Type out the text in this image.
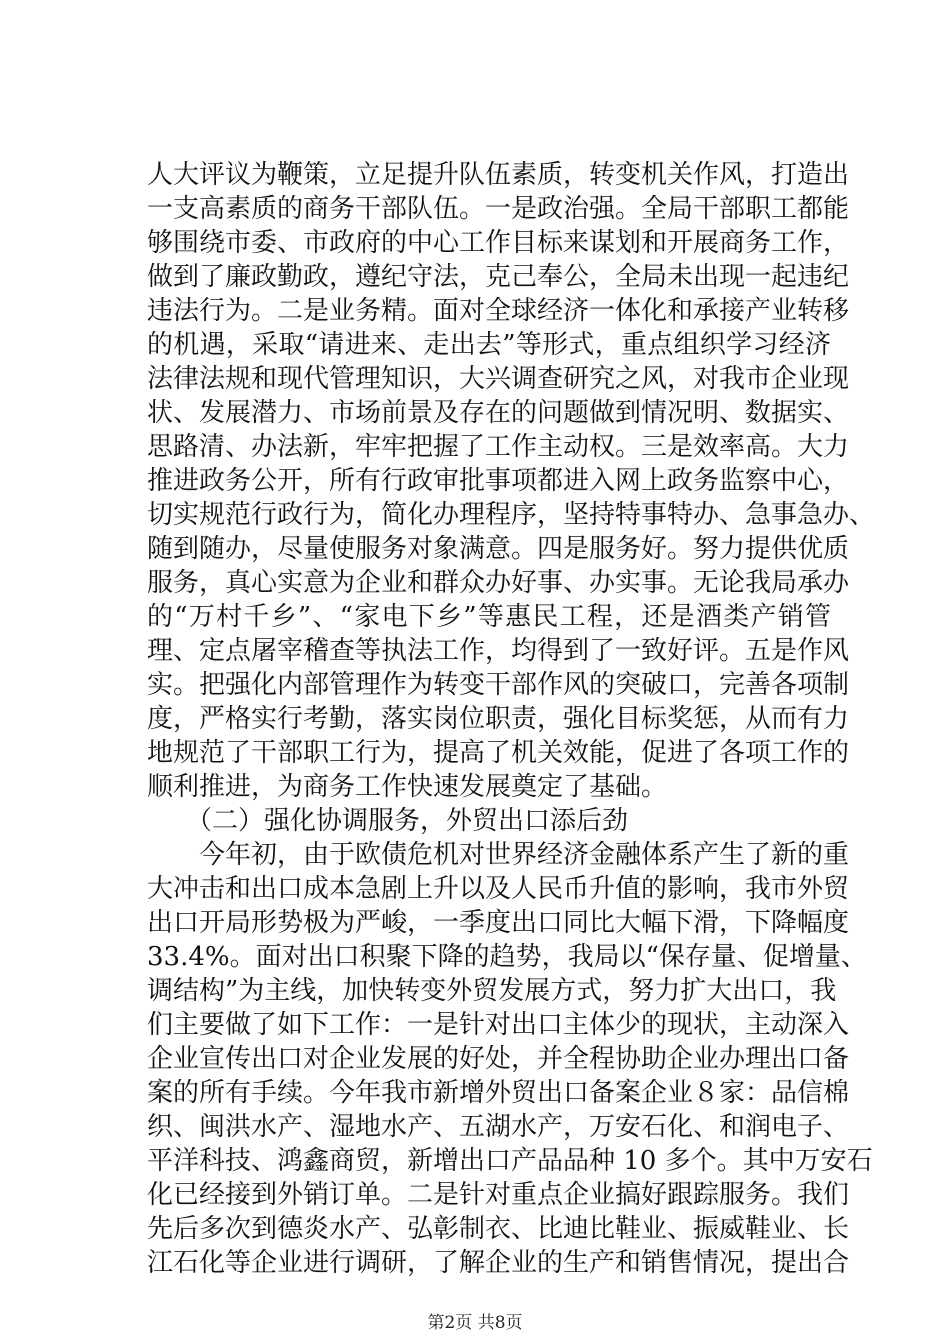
人大评议为鞭策，立足提升队伍素质，转变机关作风，打造出
一支高素质的商务干部队伍。一是政治强。全局干部职工都能
够围绕市委、市政府的中心工作目标来谋划和开展商务工作，
做到了廉政勤政，遵纪守法，克己奉公，全局未出现一起违纪
违法行为。二是业务精。面对全球经济一体化和承接产业转移
的机遇，采取“请进来、走出去”等形式，重点组织学习经济
法律法规和现代管理知识，大兴调查研究之风，对我市企业现
状、发展潜力、市场前景及存在的问题做到情况明、数据实、
思路清、办法新，牢牢把握了工作主动权。三是效率高。大力
推进政务公开，所有行政审批事项都进入网上政务监察中心，
切实规范行政行为，简化办理程序，坚持特事特办、急事急办、
随到随办，尽量使服务对象满意。四是服务好。努力提供优质
服务，真心实意为企业和群众办好事、办实事。无论我局承办
的“万村千乡”、“家电下乡”等惠民工程，还是酒类产销管
理、定点屠宰稽查等执法工作，均得到了一致好评。五是作风
实。把强化内部管理作为转变干部作风的突破口，完善各项制
度，严格实行考勤，落实岗位职责，强化目标奖惩，从而有力
地规范了干部职工行为，提高了机关效能，促进了各项工作的
顺利推进，为商务工作快速发展奠定了基础。
　　（二）强化协调服务，外贸出口添后劲
　　今年初，由于欧债危机对世界经济金融体系产生了新的重
大冲击和出口成本急剧上升以及人民币升值的影响，我市外贸
出口开局形势极为严峻，一季度出口同比大幅下滑，下降幅度
33.4%。面对出口积聚下降的趋势，我局以“保存量、促增量、
调结构”为主线，加快转变外贸发展方式，努力扩大出口，我
们主要做了如下工作：一是针对出口主体少的现状，主动深入
企业宣传出口对企业发展的好处，并全程协助企业办理出口备
案的所有手续。今年我市新增外贸出口备案企业８家：品信棉
织、闽洪水产、湿地水产、五湖水产，万安石化、和润电子、
平洋科技、鸿鑫商贸，新增出口产品品种 10 多个。其中万安石
化已经接到外销订单。二是针对重点企业搞好跟踪服务。我们
先后多次到德炎水产、弘彰制衣、比迪比鞋业、振威鞋业、长
江石化等企业进行调研，了解企业的生产和销售情况，提出合
第2页 共8页
